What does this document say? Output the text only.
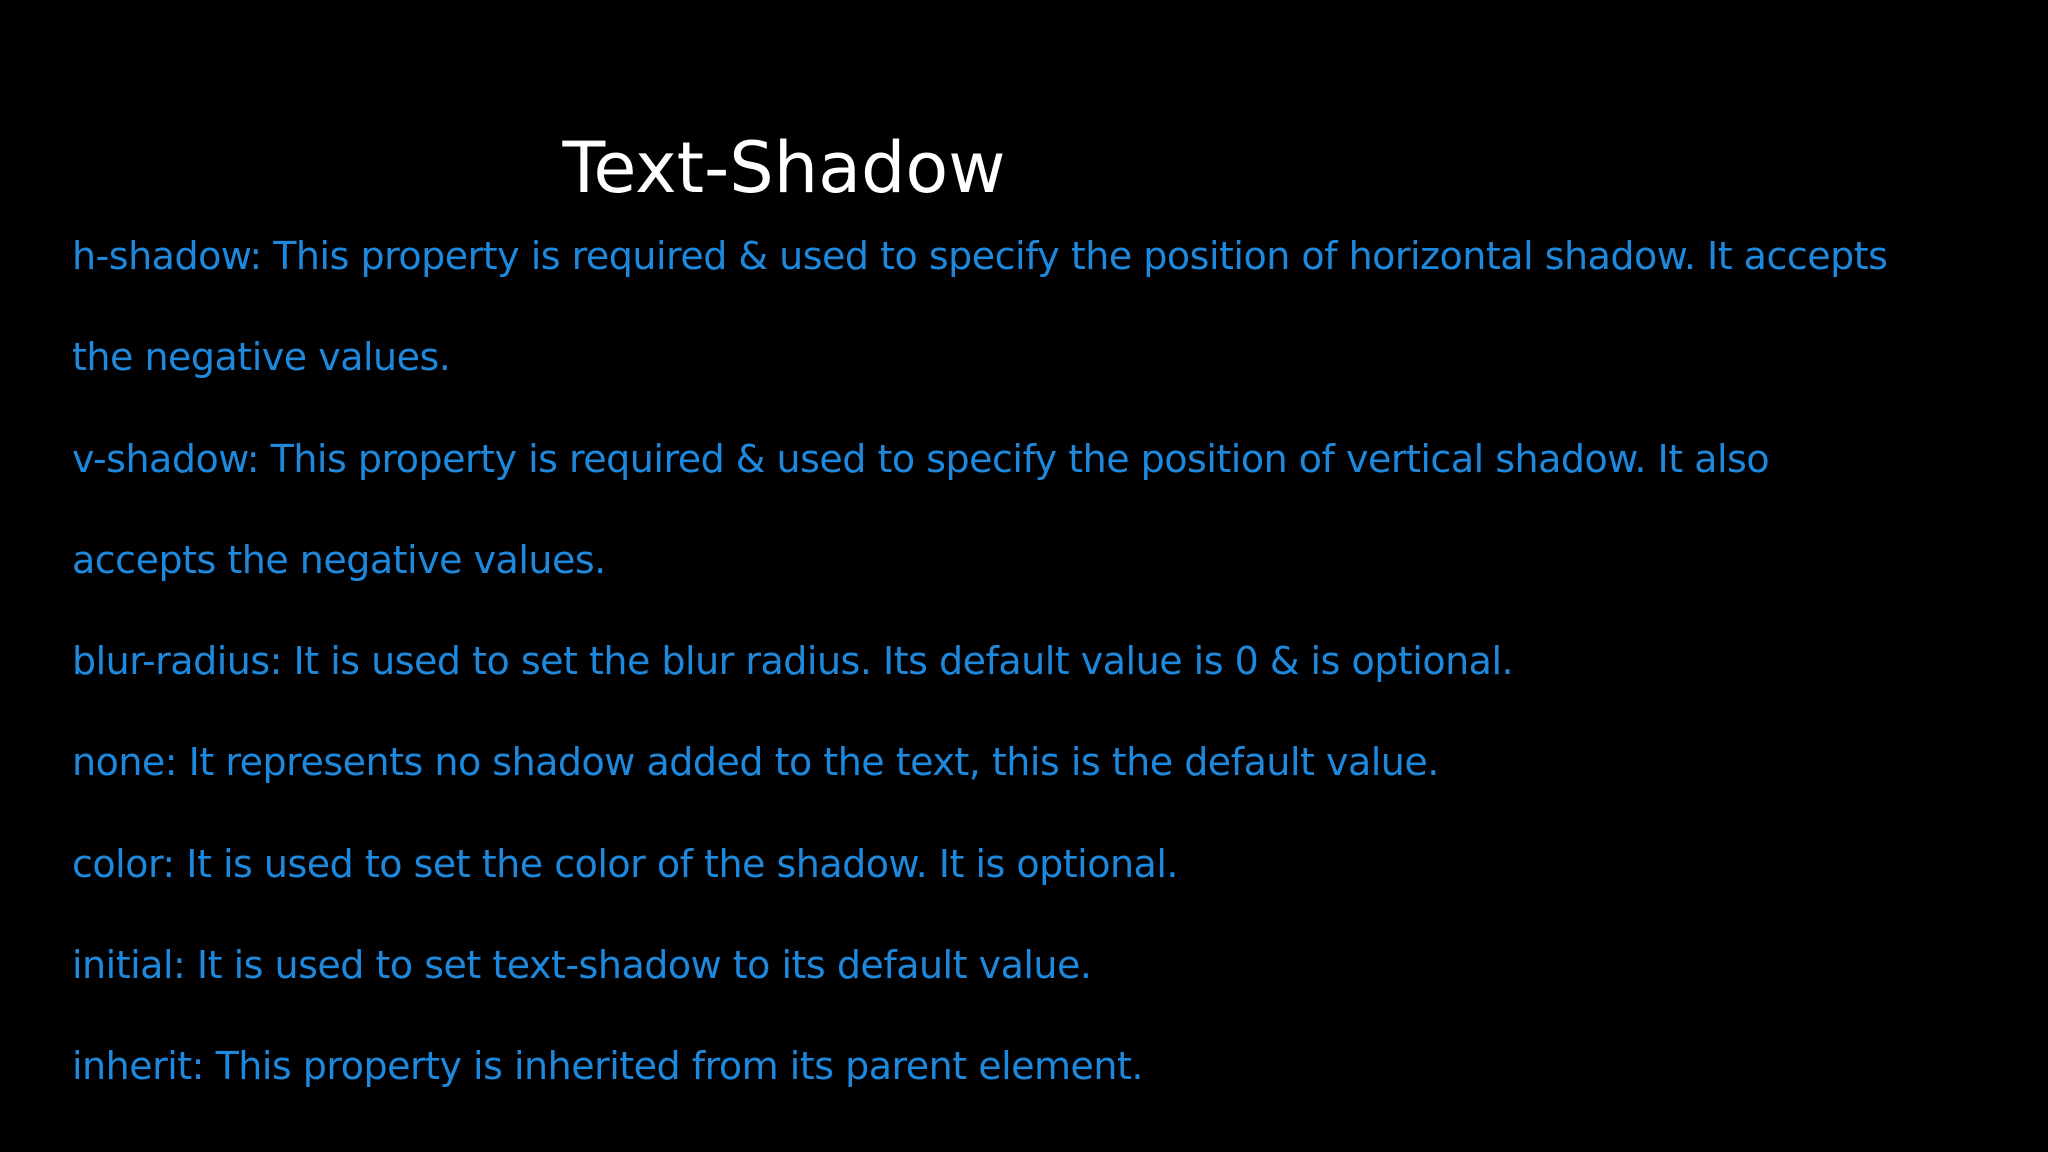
Text-Shadow
h-shadow: This property is required & used to specify the position of horizontal shadow. It accepts
the negative values.
v-shadow: This property is required & used to specify the position of vertical shadow. It also
accepts the negative values.
blur-radius: It is used to set the blur radius. Its default value is 0 & is optional.
none: It represents no shadow added to the text, this is the default value.
color: It is used to set the color of the shadow. It is optional.
initial: It is used to set text-shadow to its default value.
inherit: This property is inherited from its parent element.
